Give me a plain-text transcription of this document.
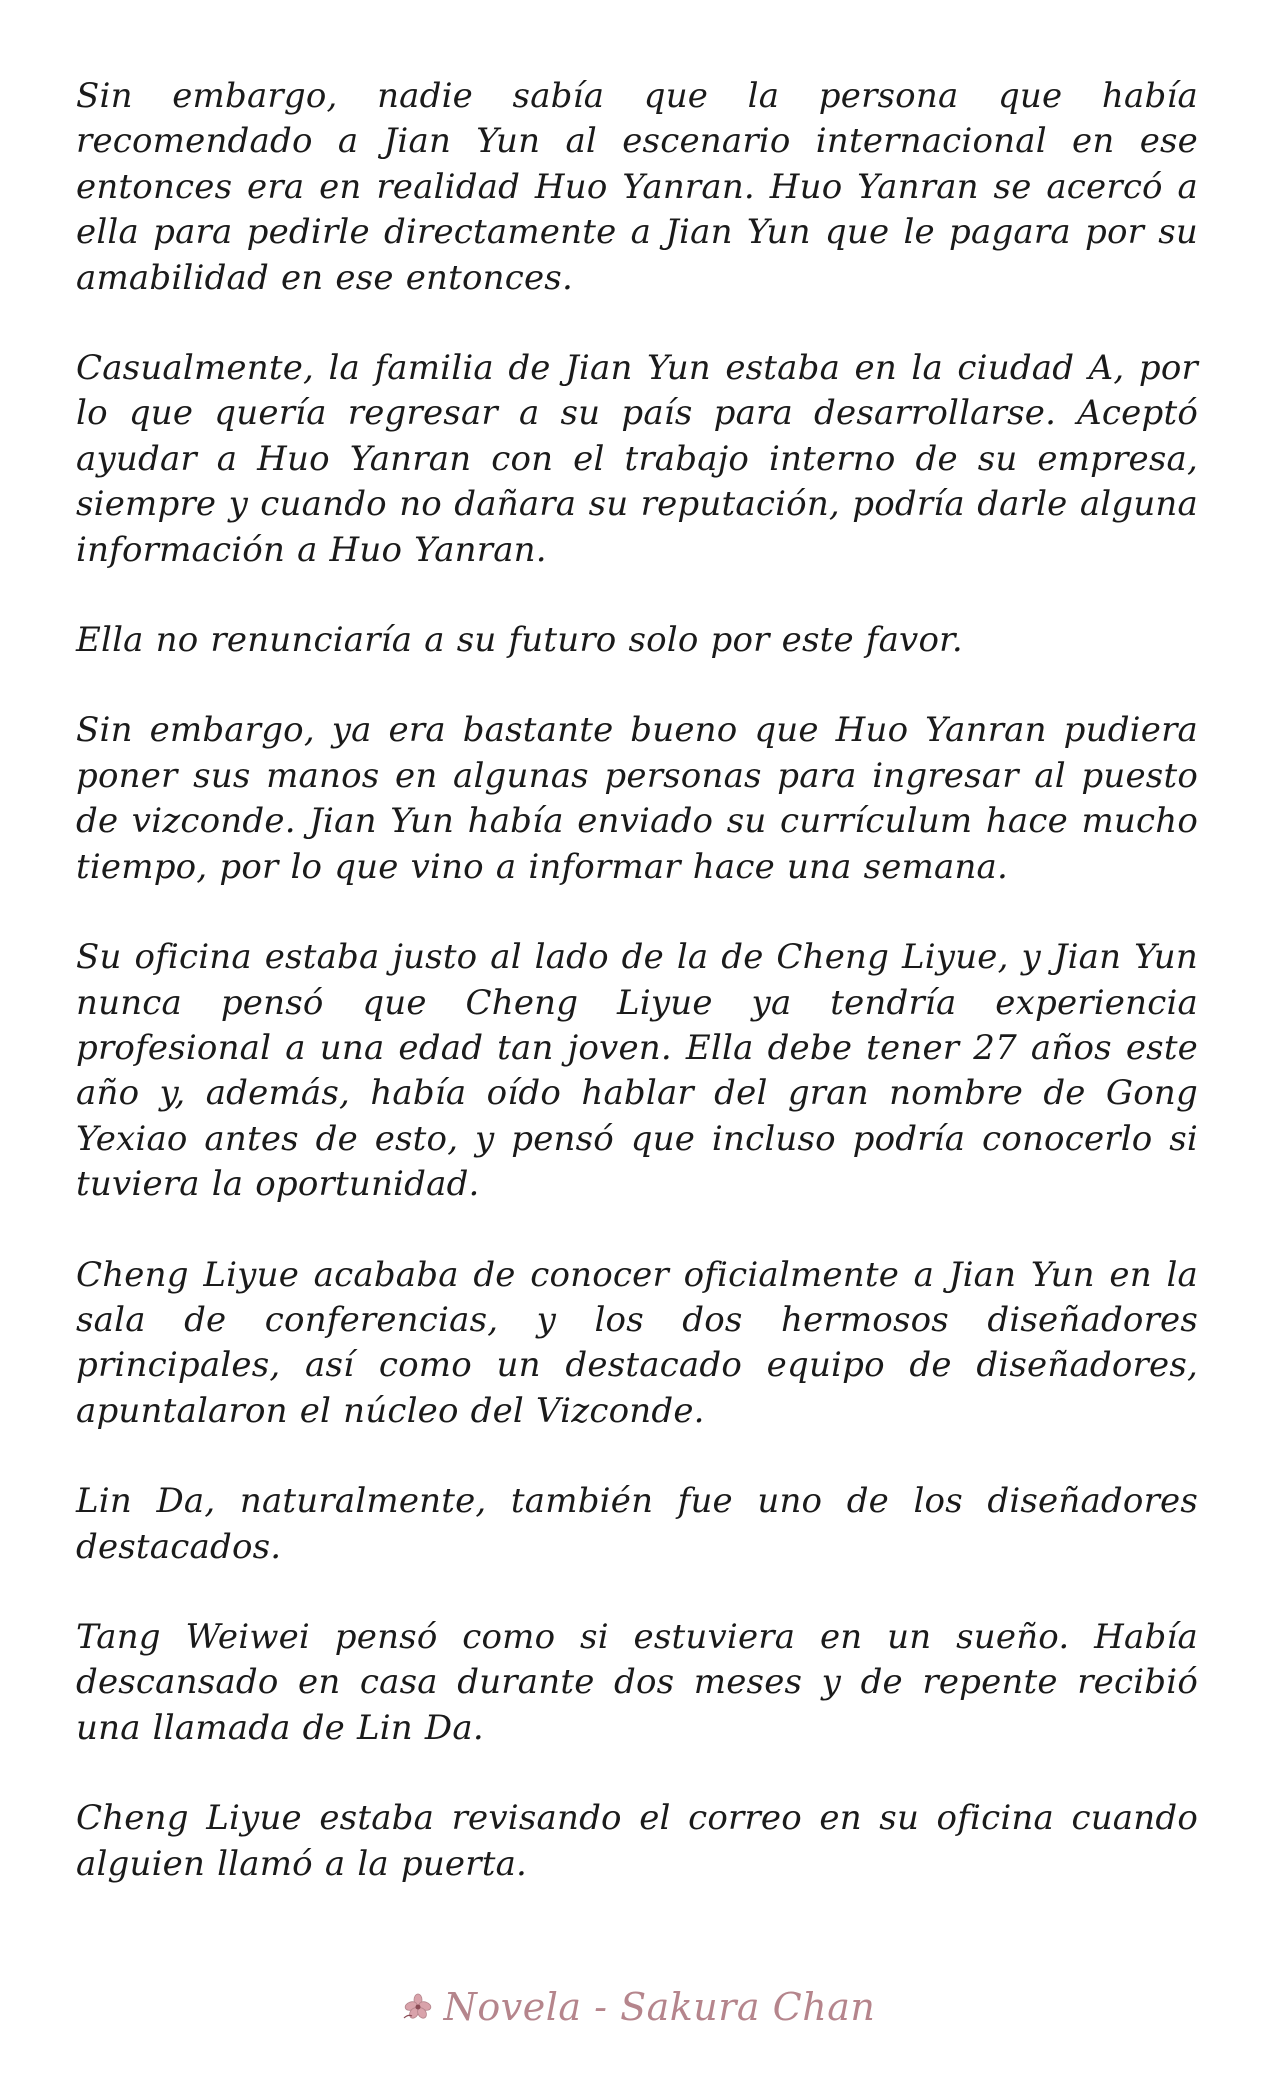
Sin embargo, nadie sabía que la persona que había recomendado a Jian Yun al escenario internacional en ese entonces era en realidad Huo Yanran. Huo Yanran se acercó a ella para pedirle directamente a Jian Yun que le pagara por su amabilidad en ese entonces.

Casualmente, la familia de Jian Yun estaba en la ciudad A, por lo que quería regresar a su país para desarrollarse. Aceptó ayudar a Huo Yanran con el trabajo interno de su empresa, siempre y cuando no dañara su reputación, podría darle alguna información a Huo Yanran.

Ella no renunciaría a su futuro solo por este favor.

Sin embargo, ya era bastante bueno que Huo Yanran pudiera poner sus manos en algunas personas para ingresar al puesto de vizconde. Jian Yun había enviado su currículum hace mucho tiempo, por lo que vino a informar hace una semana.

Su oficina estaba justo al lado de la de Cheng Liyue, y Jian Yun nunca pensó que Cheng Liyue ya tendría experiencia profesional a una edad tan joven. Ella debe tener 27 años este año y, además, había oído hablar del gran nombre de Gong Yexiao antes de esto, y pensó que incluso podría conocerlo si tuviera la oportunidad.

Cheng Liyue acababa de conocer oficialmente a Jian Yun en la sala de conferencias, y los dos hermosos diseñadores principales, así como un destacado equipo de diseñadores, apuntalaron el núcleo del Vizconde.

Lin Da, naturalmente, también fue uno de los diseñadores destacados.

Tang Weiwei pensó como si estuviera en un sueño. Había descansado en casa durante dos meses y de repente recibió una llamada de Lin Da.

Cheng Liyue estaba revisando el correo en su oficina cuando alguien llamó a la puerta.

Novela - Sakura Chan
